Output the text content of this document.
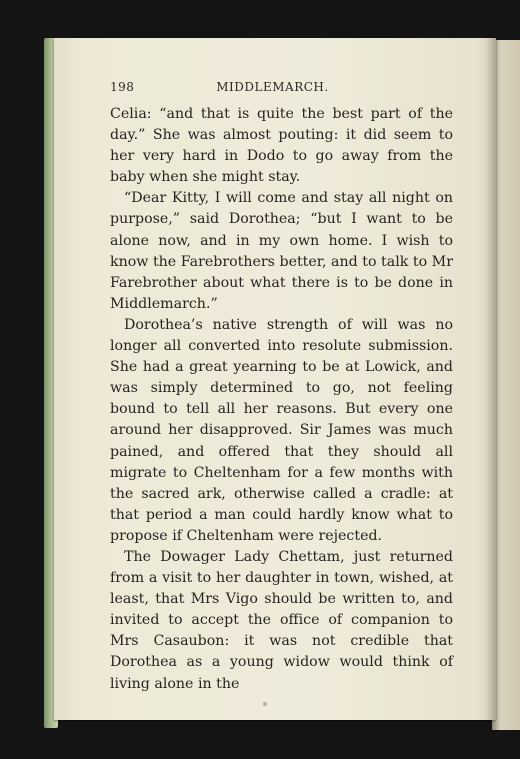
198	MIDDLEMARCH.

Celia: “and that is quite the best part of the day.” She was almost pouting: it did seem to her very hard in Dodo to go away from the baby when she might stay.

“Dear Kitty, I will come and stay all night on purpose,” said Dorothea; “but I want to be alone now, and in my own home. I wish to know the Farebrothers better, and to talk to Mr Farebrother about what there is to be done in Middlemarch.”

Dorothea’s native strength of will was no longer all converted into resolute submission. She had a great yearning to be at Lowick, and was simply determined to go, not feeling bound to tell all her reasons. But every one around her disapproved. Sir James was much pained, and offered that they should all migrate to Cheltenham for a few months with the sacred ark, otherwise called a cradle: at that period a man could hardly know what to propose if Cheltenham were rejected.

The Dowager Lady Chettam, just returned from a visit to her daughter in town, wished, at least, that Mrs Vigo should be written to, and invited to accept the office of companion to Mrs Casaubon: it was not credible that Dorothea as a young widow would think of living alone in the
